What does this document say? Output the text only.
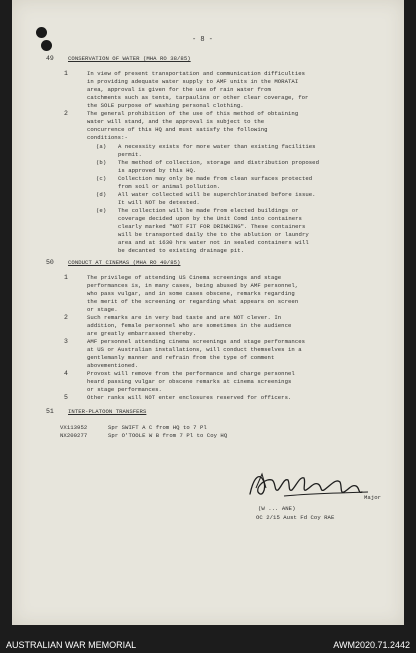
- 8 -
49	CONSERVATION OF WATER (MHA RO 38/85)
1	In view of present transportation and communication difficulties
in providing adequate water supply to AMF units in the MORATAI
area, approval is given for the use of rain water from
catchments such as tents, tarpaulins or other clear coverage, for
the SOLE purpose of washing personal clothing.
2	The general prohibition of the use of this method of obtaining
water will stand, and the approval is subject to the
concurrence of this HQ and must satisfy the following
conditions:-
(a) A necessity exists for more water than existing facilities
permit.
(b) The method of collection, storage and distribution proposed
is approved by this HQ.
(c) Collection may only be made from clean surfaces protected
from soil or animal pollution.
(d) All water collected will be superchlorinated before issue.
It will NOT be detested.
(e) The collection will be made from elected buildings or
coverage decided upon by the Unit Comd into containers
clearly marked "NOT FIT FOR DRINKING". These containers
will be transported daily the to the ablution or laundry
area and at 1630 hrs water not in sealed containers will
be decanted to existing drainage pit.
50	CONDUCT AT CINEMAS (MHA RO 40/85)
1	The privilege of attending US Cinema screenings and stage
performances is, in many cases, being abused by AMF personnel,
who pass vulgar, and in some cases obscene, remarks regarding
the merit of the screening or regarding what appears on screen
or stage.
2	Such remarks are in very bad taste and are NOT clever. In
addition, female personnel who are sometimes in the audience
are greatly embarrassed thereby.
3	AMF personnel attending cinema screenings and stage performances
at US or Australian installations, will conduct themselves in a
gentlemanly manner and refrain from the type of comment
abovementioned.
4	Provost will remove from the performance and charge personnel
heard passing vulgar or obscene remarks at cinema screenings
or stage performances.
5	Other ranks will NOT enter enclosures reserved for officers.
51	INTER-PLATOON TRANSFERS
VX113952	Spr SWIFT A C from HQ to 7 Pl
NX200277	Spr O'TOOLE W B from 7 Pl to Coy HQ
Major
(W ... ANE)
OC 2/15 Aust Fd Coy RAE
AUSTRALIAN WAR MEMORIAL	AWM2020.71.2442
